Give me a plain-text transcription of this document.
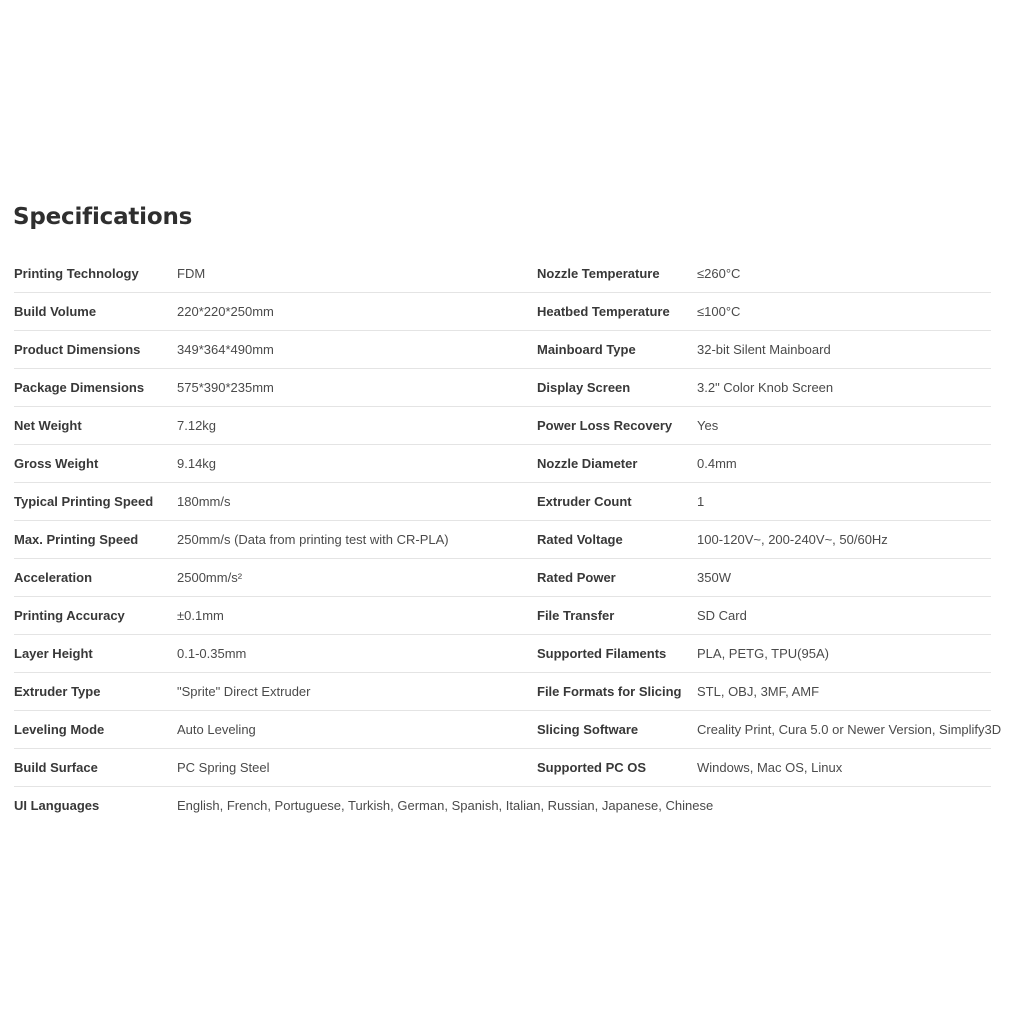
Specifications
Printing Technology	FDM	Nozzle Temperature	≤260°C
Build Volume	220*220*250mm	Heatbed Temperature ≤100°C
Product Dimensions	349*364*490mm	Mainboard Type	32-bit Silent Mainboard
Package Dimensions	575*390*235mm	Display Screen	3.2" Color Knob Screen
Net Weight	7.12kg	Power Loss Recovery Yes
Gross Weight	9.14kg	Nozzle Diameter	0.4mm
Typical Printing Speed 180mm/s	Extruder Count	1
Max. Printing Speed	250mm/s (Data from printing test with CR-PLA)	Rated Voltage	100-120V~, 200-240V~, 50/60Hz
Acceleration	2500mm/s²	Rated Power	350W
Printing Accuracy	±0.1mm	File Transfer	SD Card
Layer Height	0.1-0.35mm	Supported Filaments PLA, PETG, TPU(95A)
Extruder Type	"Sprite" Direct Extruder	File Formats for Slicing STL, OBJ, 3MF, AMF
Leveling Mode	Auto Leveling	Slicing Software	Creality Print, Cura 5.0 or Newer Version, Simplify3D
Build Surface	PC Spring Steel	Supported PC OS	Windows, Mac OS, Linux
UI Languages	English, French, Portuguese, Turkish, German, Spanish, Italian, Russian, Japanese, Chinese
